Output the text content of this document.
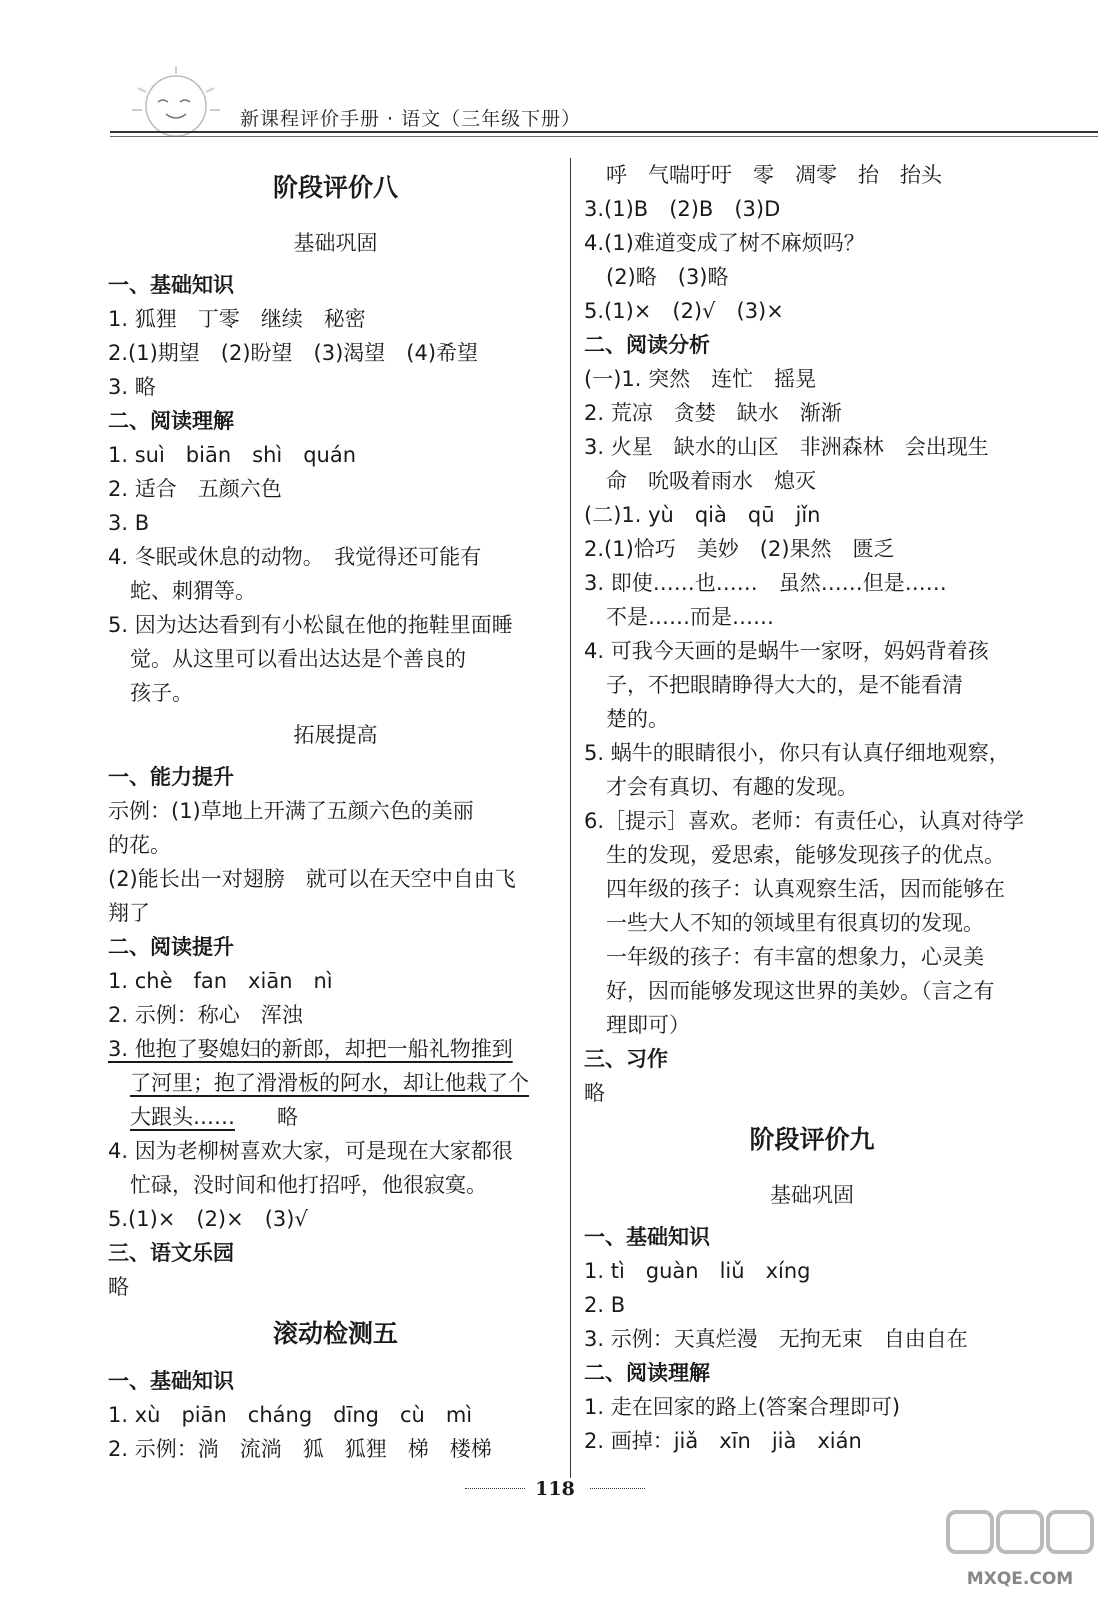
新课程评价手册 · 语文（三年级下册）
阶段评价八
基础巩固
一、基础知识
1. 狐狸　丁零　继续　秘密
2.(1)期望　(2)盼望　(3)渴望　(4)希望
3. 略
二、阅读理解
1. suì　biān　shì　quán
2. 适合　五颜六色
3. B
4. 冬眠或休息的动物。　我觉得还可能有
蛇、刺猬等。
5. 因为达达看到有小松鼠在他的拖鞋里面睡
觉。从这里可以看出达达是个善良的
孩子。
拓展提高
一、能力提升
示例：(1)草地上开满了五颜六色的美丽
的花。
(2)能长出一对翅膀　就可以在天空中自由飞
翔了
二、阅读提升
1. chè　fan　xiān　nì
2. 示例：称心　浑浊
3. 他抱了娶媳妇的新郎，却把一船礼物推到
了河里；抱了滑滑板的阿水，却让他栽了个
大跟头……　　 略
4. 因为老柳树喜欢大家，可是现在大家都很
忙碌，没时间和他打招呼，他很寂寞。
5.(1)×　(2)×　(3)√
三、语文乐园
略
滚动检测五
一、基础知识
1. xù　piān　cháng　dīng　cù　mì
2. 示例：淌　流淌　狐　狐狸　梯　楼梯
呼　气喘吁吁　零　凋零　抬　抬头
3.(1)B　(2)B　(3)D
4.(1)难道变成了树不麻烦吗？
(2)略　(3)略
5.(1)×　(2)√　(3)×
二、阅读分析
(一)1. 突然　连忙　摇晃
2. 荒凉　贪婪　缺水　渐渐
3. 火星　缺水的山区　非洲森林　会出现生
命　吮吸着雨水　熄灭
(二)1. yù　qià　qū　jǐn
2.(1)恰巧　美妙　(2)果然　匮乏
3. 即使……也……　虽然……但是……
不是……而是……
4. 可我今天画的是蜗牛一家呀，妈妈背着孩
子，不把眼睛睁得大大的，是不能看清
楚的。
5. 蜗牛的眼睛很小，你只有认真仔细地观察，
才会有真切、有趣的发现。
6.［提示］喜欢。老师：有责任心，认真对待学
生的发现，爱思索，能够发现孩子的优点。
四年级的孩子：认真观察生活，因而能够在
一些大人不知的领域里有很真切的发现。
一年级的孩子：有丰富的想象力，心灵美
好，因而能够发现这世界的美妙。（言之有
理即可）
三、习作
略
阶段评价九
基础巩固
一、基础知识
1. tì　guàn　liǔ　xíng
2. B
3. 示例：天真烂漫　无拘无束　自由自在
二、阅读理解
1. 走在回家的路上(答案合理即可)
2. 画掉：jiǎ　xīn　jià　xián
118
MXQE.COM
